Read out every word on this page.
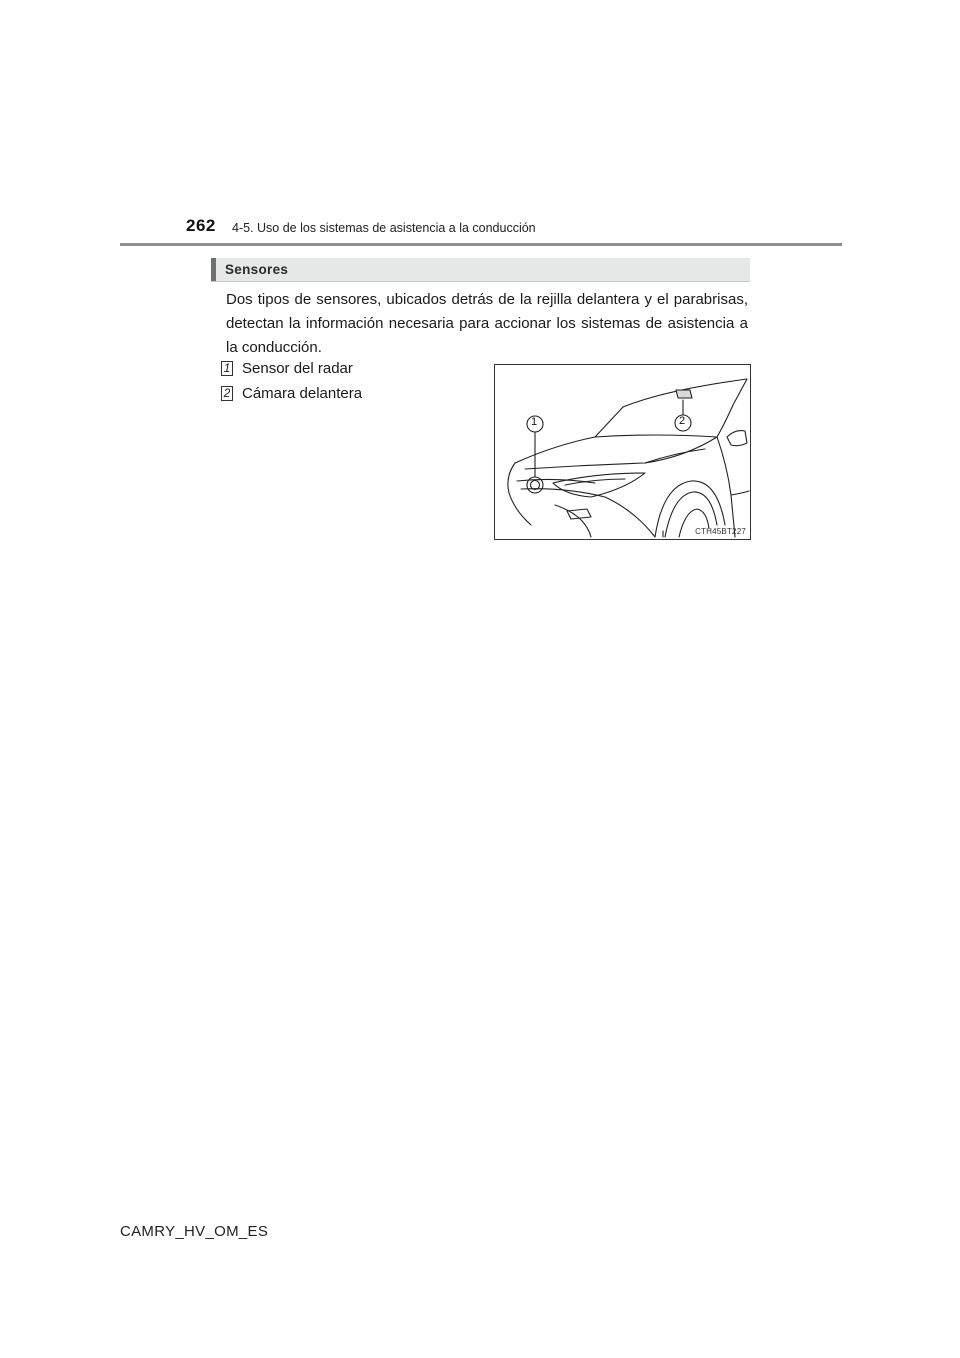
262 4-5. Uso de los sistemas de asistencia a la conducción
Sensores
Dos tipos de sensores, ubicados detrás de la rejilla delantera y el parabrisas, detectan la información necesaria para accionar los sistemas de asistencia a la conducción.
1 Sensor del radar
2 Cámara delantera
1	2
CTH45BT227
CAMRY_HV_OM_ES
